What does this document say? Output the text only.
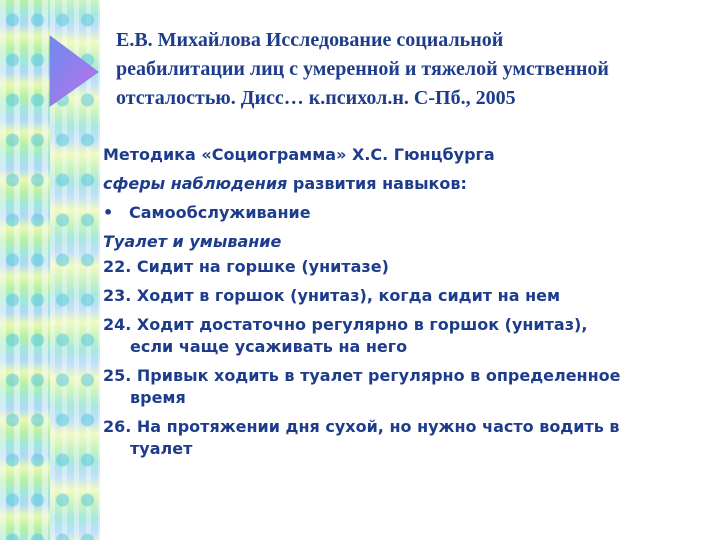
Е.В. Михайлова Исследование социальной
реабилитации лиц с умеренной и тяжелой умственной
отсталостью. Дисс… к.психол.н. С-Пб., 2005
Методика «Социограмма» Х.С. Гюнцбурга
сферы наблюдения развития навыков:
• Самообслуживание
Туалет и умывание
22. Сидит на горшке (унитазе)
23. Ходит в горшок (унитаз), когда сидит на нем
24. Ходит достаточно регулярно в горшок (унитаз),
если чаще усаживать на него
25. Привык ходить в туалет регулярно в определенное
время
26. На протяжении дня сухой, но нужно часто водить в
туалет
